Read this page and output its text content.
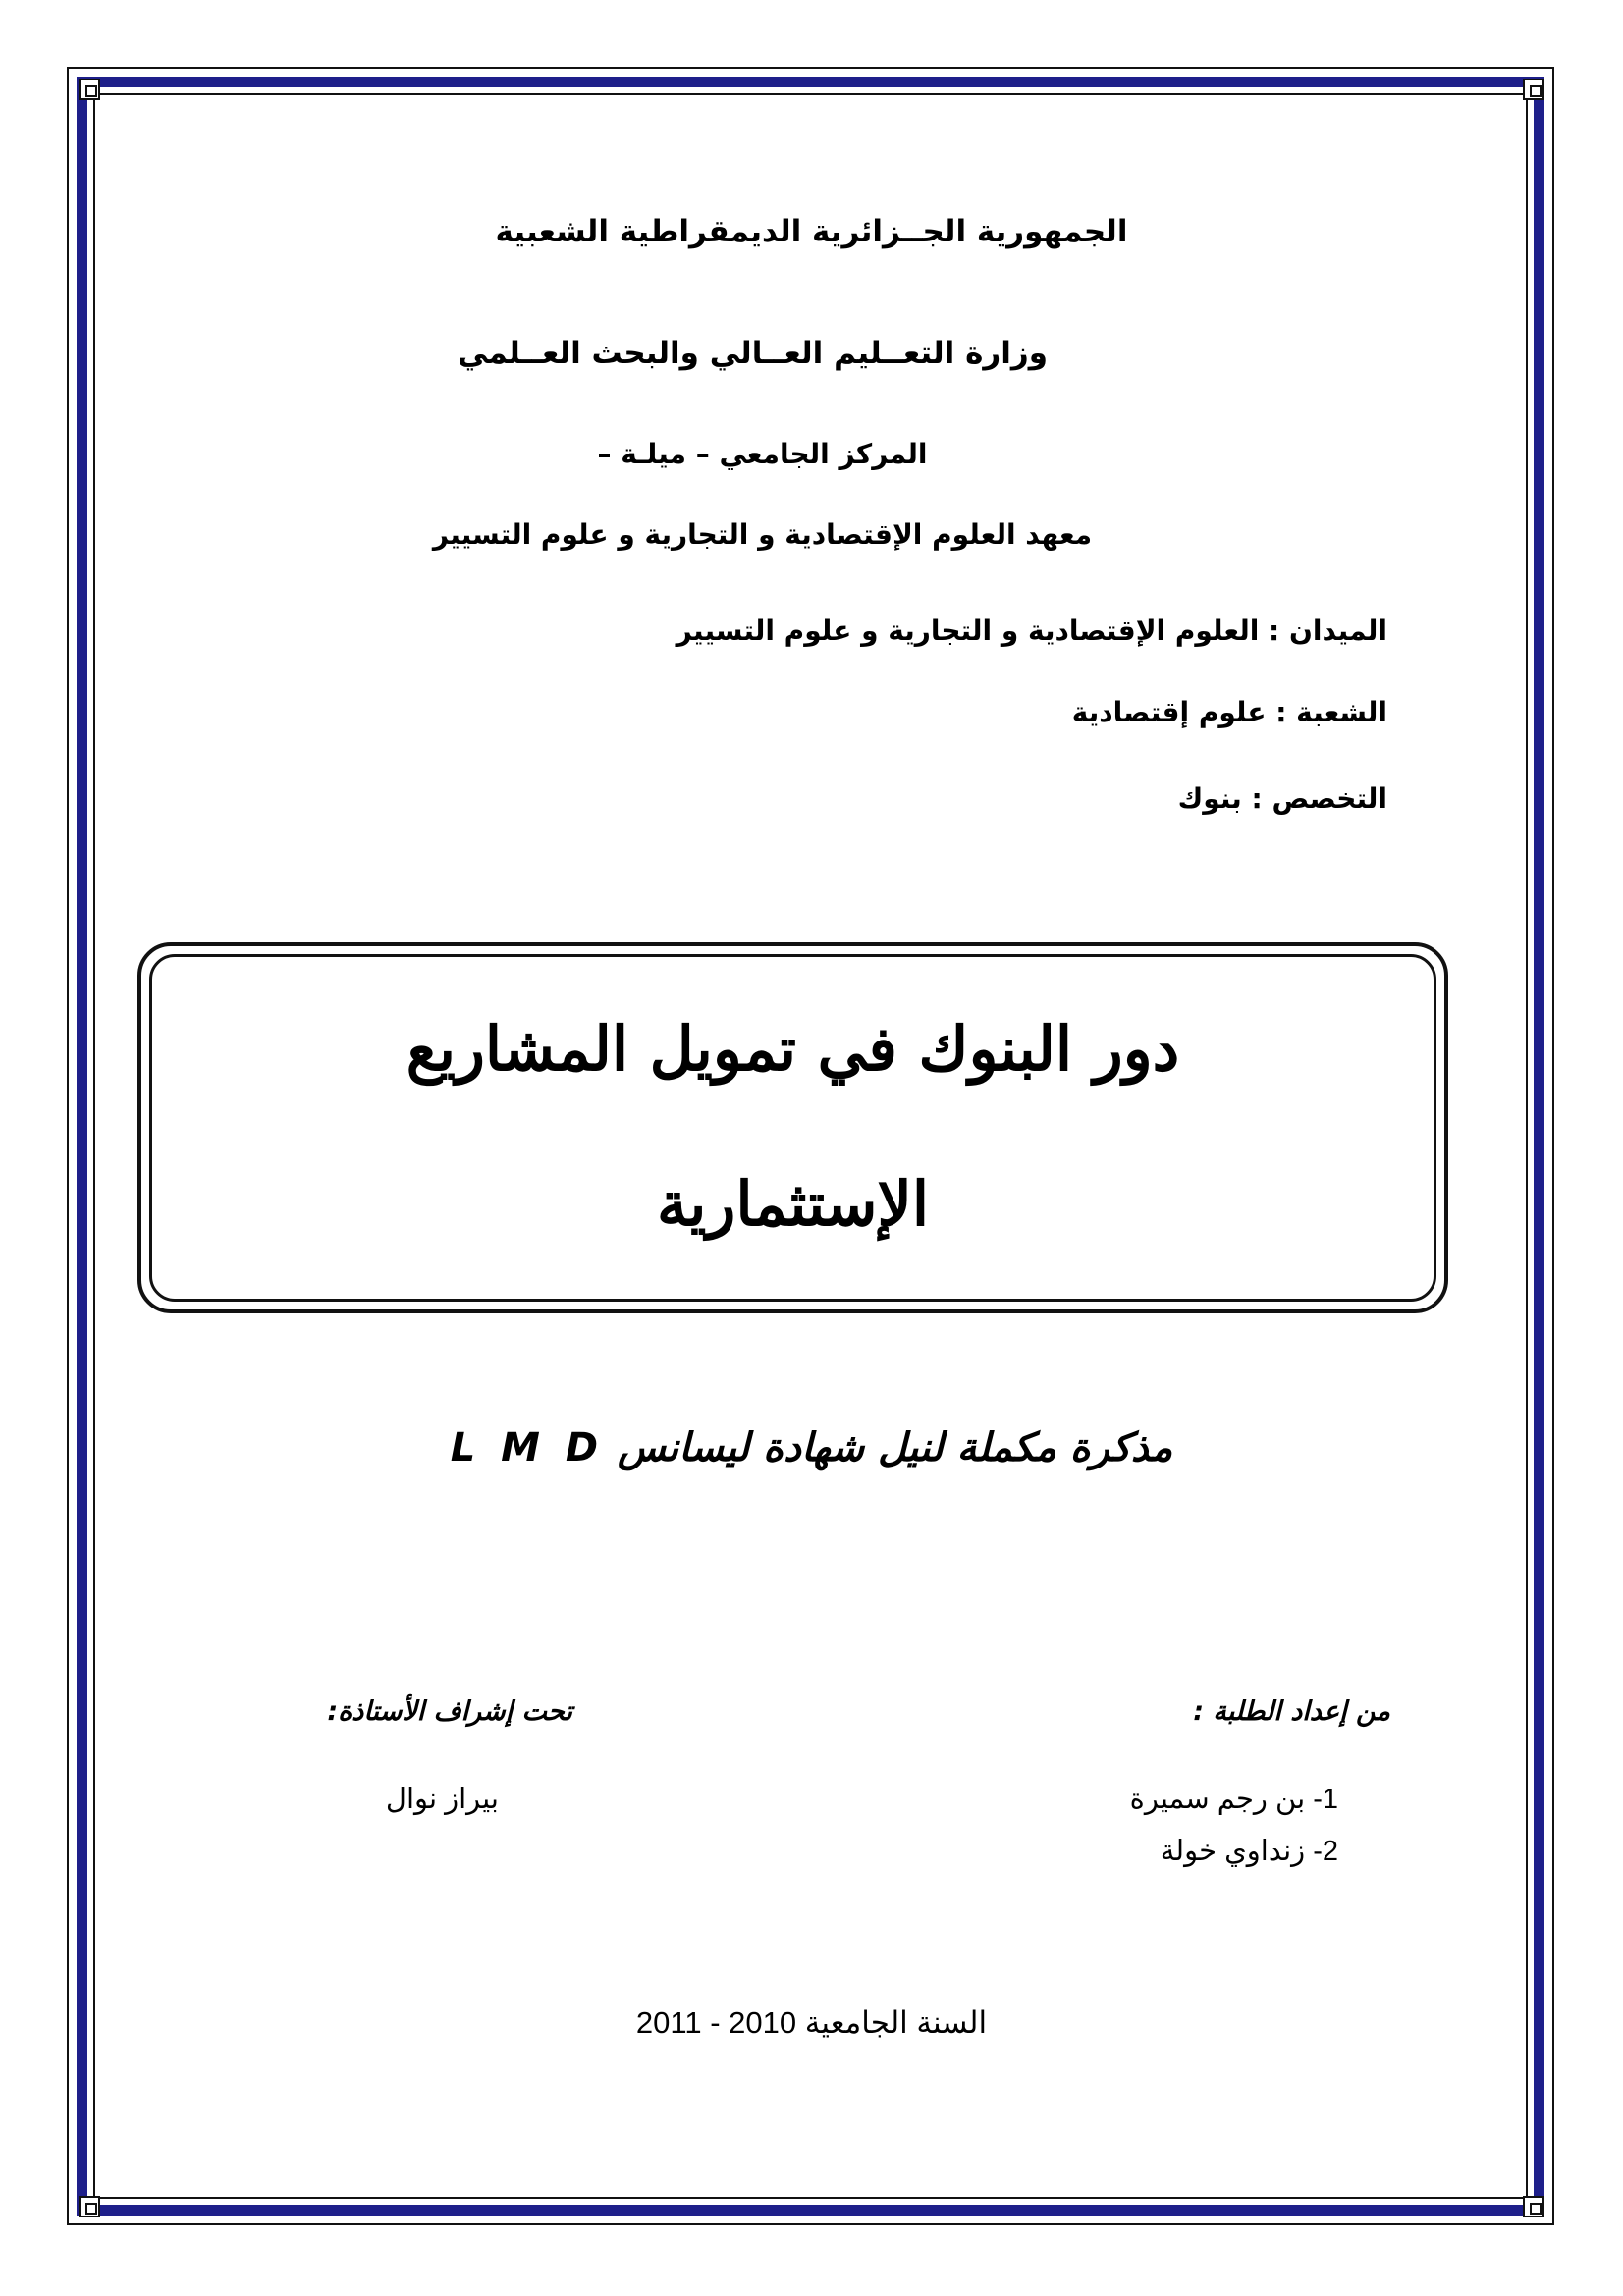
الجمهورية الجــزائرية الديمقراطية الشعبية
وزارة التعــليم العــالي والبحث العــلمي
المركز الجامعي – ميلـة –
معهد العلوم الإقتصادية و التجارية و علوم التسيير
الميدان : العلوم الإقتصادية و التجارية و علوم التسيير
الشعبة : علوم إقتصادية
التخصص : بنوك
دور البنوك في تمويل المشاريع
الإستثمارية
مذكرة مكملة لنيل شهادة ليسانس L M D
من إعداد الطلبة :
تحت إشراف الأستاذة:
1- بن رجم سميرة
2- زنداوي خولة
بيراز نوال
السنة الجامعية 2010 - 2011
